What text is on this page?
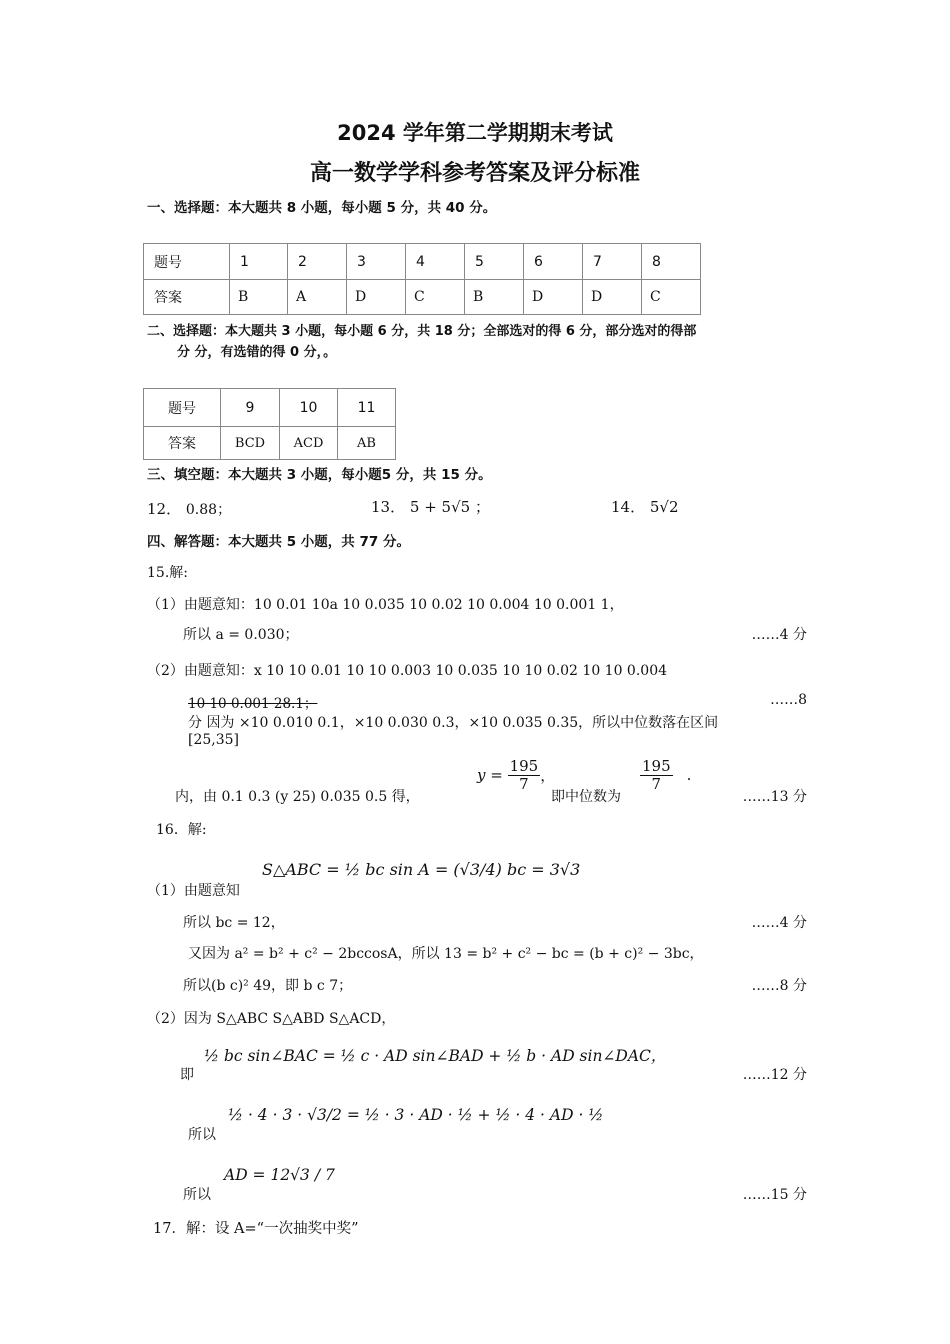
2024 学年第二学期期末考试
高一数学学科参考答案及评分标准
一、选择题：本大题共 8 小题，每小题 5 分，共 40 分。
题号	1	2	3	4	5	6	7	8
答案	B	A	D	C	B	D	D	C
二、选择题：本大题共 3 小题，每小题 6 分，共 18 分；全部选对的得 6 分，部分选对的得部
分 分，有选错的得 0 分，。
题号	9	10	11
答案	BCD	ACD	AB
三、填空题：本大题共 3 小题，每小题5 分，共 15 分。
12． 0.88；	13． 5 + 5√5 ；	14． 5√2
四、解答题：本大题共 5 小题，共 77 分。
15.解:
（1）由题意知：10 0.01 10a 10 0.035 10 0.02 10 0.004 10 0.001 1，
所以 a = 0.030；	……4 分
（2）由题意知：x 10 10 0.01 10 10 0.003 10 0.035 10 10 0.02 10 10 0.004
10 10 0.001 28.1；	……8
分 因为 ×10 0.010 0.1，×10 0.030 0.3，×10 0.035 0.35，所以中位数落在区间
[25,35]
$y = \frac{195}{7}$ ，	$\frac{195}{7}$ .
内，由 0.1 0.3 (y 25) 0.035 0.5 得，	即中位数为	……13 分
16．解:
（1）由题意知
S△ABC = ½ bc sin A = (√3/4) bc = 3√3
所以 bc = 12，	……4 分
又因为 a² = b² + c² − 2bccosA，所以 13 = b² + c² − bc = (b + c)² − 3bc，
所以(b c)² 49，即 b c 7；	……8 分
（2）因为 S△ABC S△ABD S△ACD，
½ bc sin∠BAC = ½ c · AD sin∠BAD + ½ b · AD sin∠DAC，
即	……12 分
所以
½ · 4 · 3 · √3/2 = ½ · 3 · AD · ½ + ½ · 4 · AD · ½
所以
AD = 12√3 / 7
……15 分
17．解：设 A=“一次抽奖中奖”
